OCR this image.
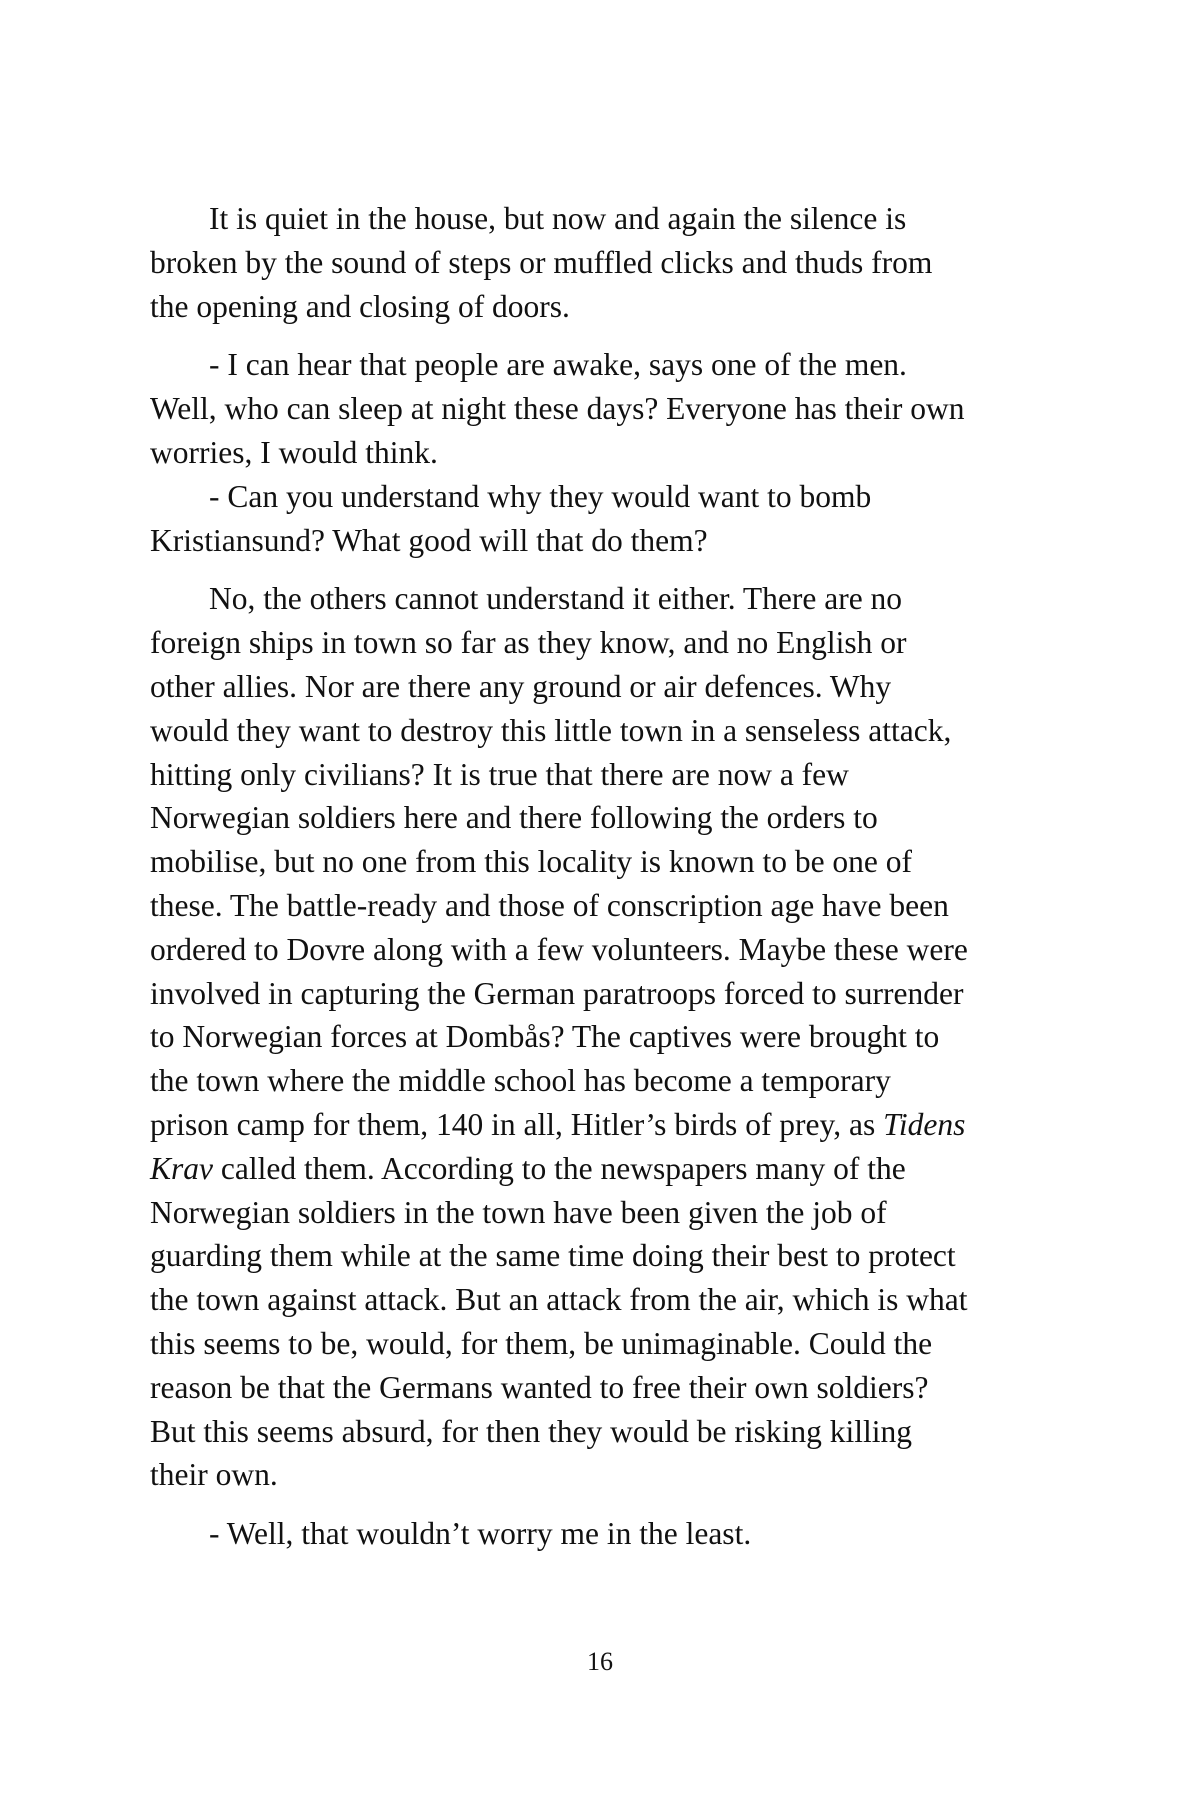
It is quiet in the house, but now and again the silence is
broken by the sound of steps or muffled clicks and thuds from
the opening and closing of doors.
- I can hear that people are awake, says one of the men.
Well, who can sleep at night these days? Everyone has their own
worries, I would think.
- Can you understand why they would want to bomb
Kristiansund? What good will that do them?
No, the others cannot understand it either. There are no
foreign ships in town so far as they know, and no English or
other allies. Nor are there any ground or air defences. Why
would they want to destroy this little town in a senseless attack,
hitting only civilians? It is true that there are now a few
Norwegian soldiers here and there following the orders to
mobilise, but no one from this locality is known to be one of
these. The battle-ready and those of conscription age have been
ordered to Dovre along with a few volunteers. Maybe these were
involved in capturing the German paratroops forced to surrender
to Norwegian forces at Dombås? The captives were brought to
the town where the middle school has become a temporary
prison camp for them, 140 in all, Hitler’s birds of prey, as Tidens
Krav called them. According to the newspapers many of the
Norwegian soldiers in the town have been given the job of
guarding them while at the same time doing their best to protect
the town against attack. But an attack from the air, which is what
this seems to be, would, for them, be unimaginable. Could the
reason be that the Germans wanted to free their own soldiers?
But this seems absurd, for then they would be risking killing
their own.
- Well, that wouldn’t worry me in the least.
16
